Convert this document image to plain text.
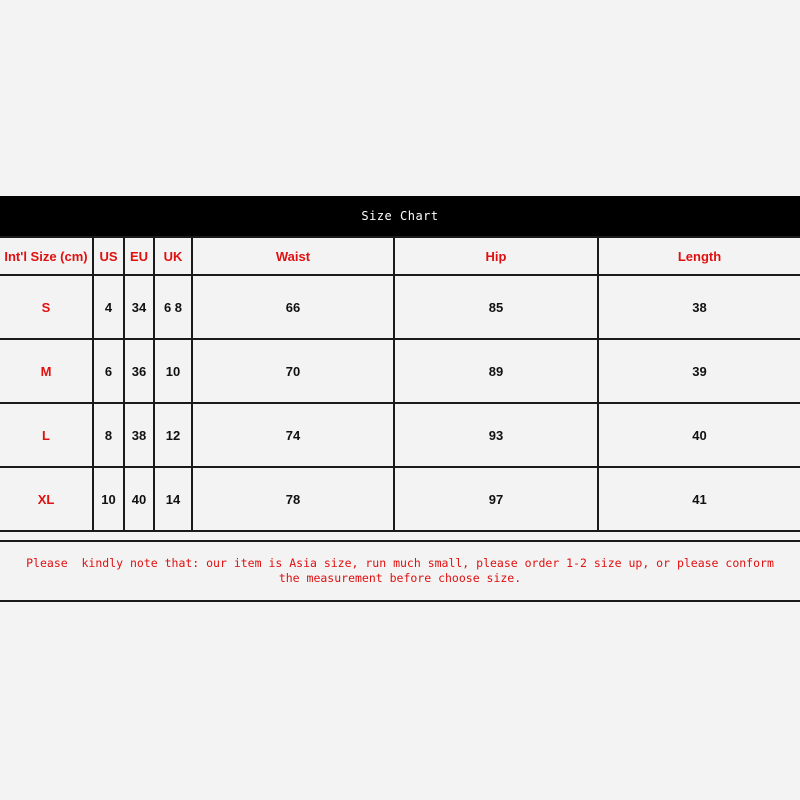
Size Chart
Int'l Size (cm)	US	EU	UK	Waist	Hip	Length
S	4	34	6 8	66	85	38
M	6	36	10	70	89	39
L	8	38	12	74	93	40
XL	10	40	14	78	97	41
Please  kindly note that: our item is Asia size, run much small, please order 1-2 size up, or please conform the measurement before choose size.
